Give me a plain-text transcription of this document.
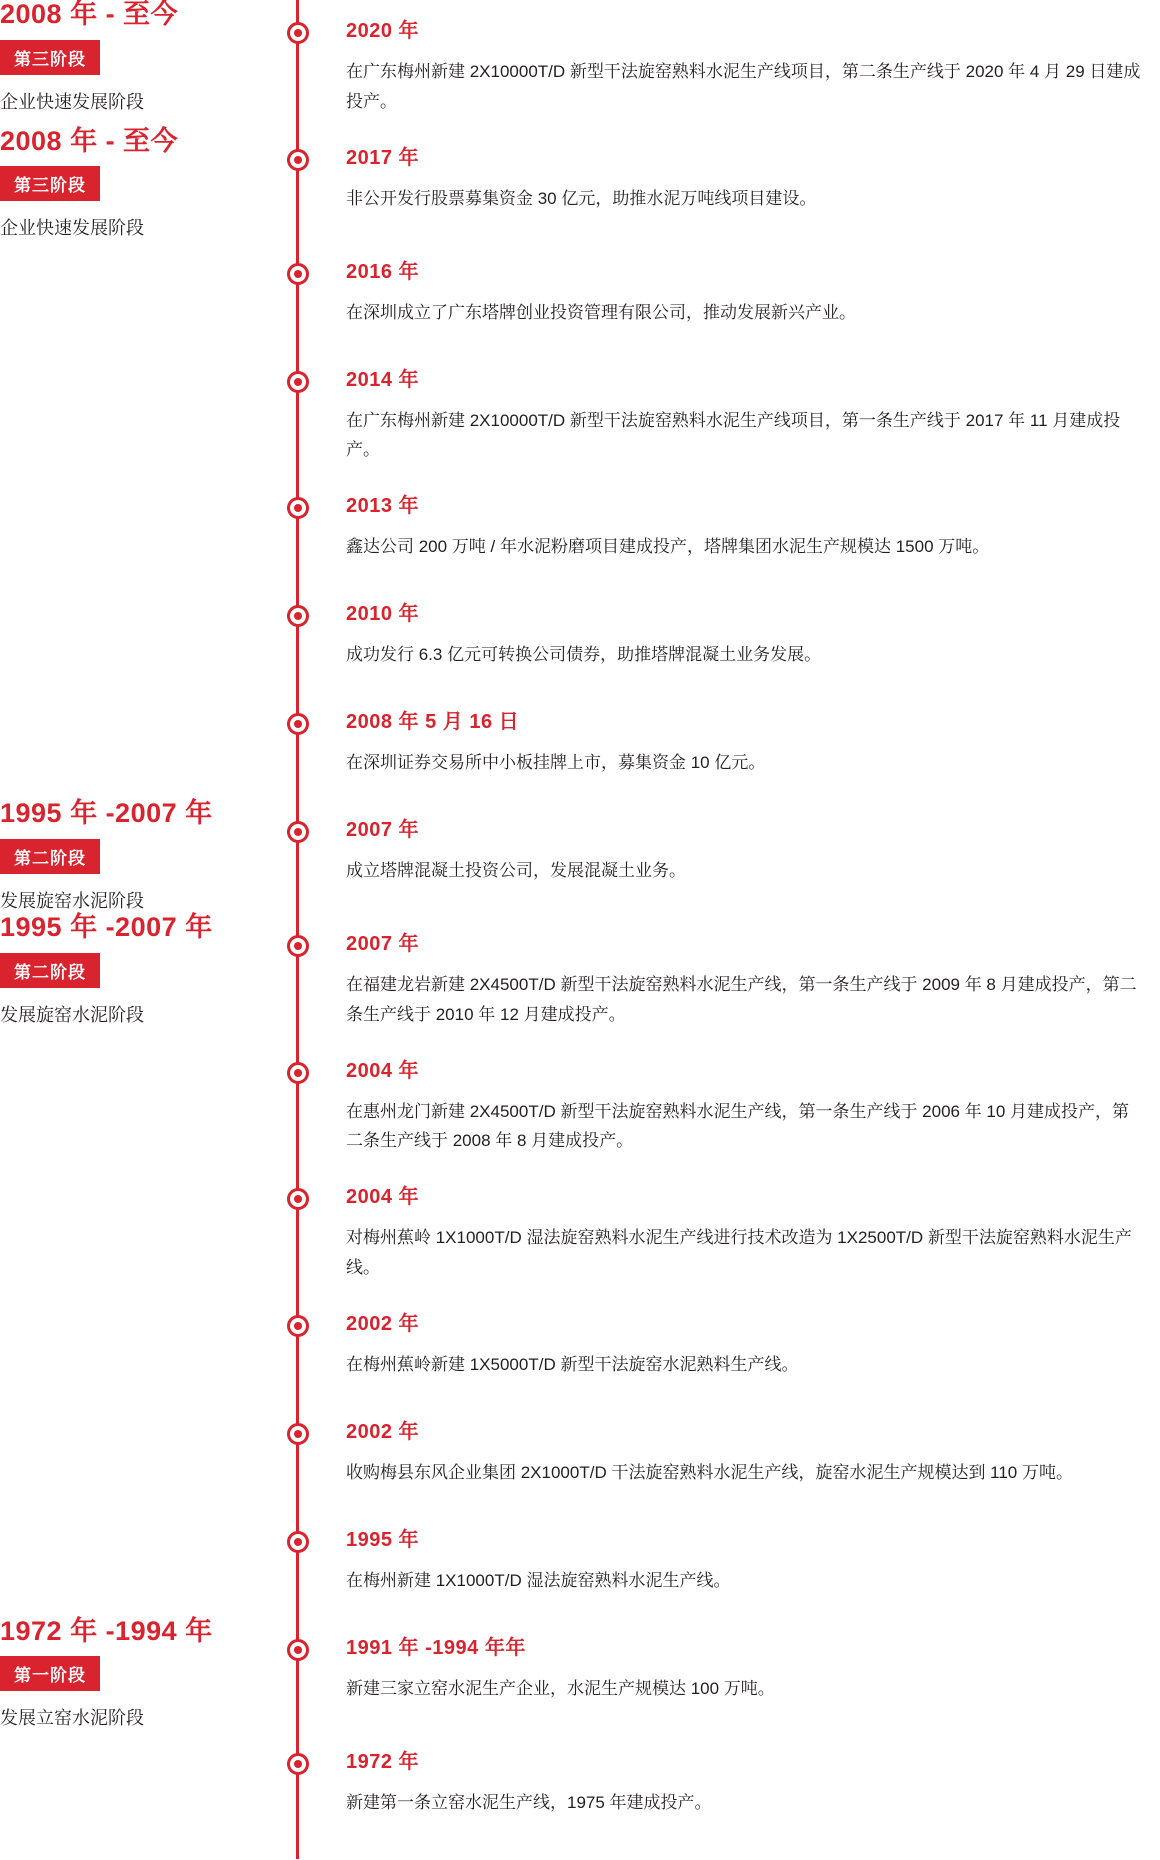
2008 年 - 至今
第三阶段
企业快速发展阶段
2020 年
在广东梅州新建 2X10000T/D 新型干法旋窑熟料水泥生产线项目，第二条生产线于 2020 年 4 月 29 日建成投产。
2008 年 - 至今
第三阶段
企业快速发展阶段
2017 年
非公开发行股票募集资金 30 亿元，助推水泥万吨线项目建设。
2016 年
在深圳成立了广东塔牌创业投资管理有限公司，推动发展新兴产业。
2014 年
在广东梅州新建 2X10000T/D 新型干法旋窑熟料水泥生产线项目，第一条生产线于 2017 年 11 月建成投产。
2013 年
鑫达公司 200 万吨 / 年水泥粉磨项目建成投产，塔牌集团水泥生产规模达 1500 万吨。
2010 年
成功发行 6.3 亿元可转换公司债券，助推塔牌混凝土业务发展。
2008 年 5 月 16 日
在深圳证券交易所中小板挂牌上市，募集资金 10 亿元。
1995 年 -2007 年
第二阶段
发展旋窑水泥阶段
2007 年
成立塔牌混凝土投资公司，发展混凝土业务。
1995 年 -2007 年
第二阶段
发展旋窑水泥阶段
2007 年
在福建龙岩新建 2X4500T/D 新型干法旋窑熟料水泥生产线，第一条生产线于 2009 年 8 月建成投产，第二条生产线于 2010 年 12 月建成投产。
2004 年
在惠州龙门新建 2X4500T/D 新型干法旋窑熟料水泥生产线，第一条生产线于 2006 年 10 月建成投产，第二条生产线于 2008 年 8 月建成投产。
2004 年
对梅州蕉岭 1X1000T/D 湿法旋窑熟料水泥生产线进行技术改造为 1X2500T/D 新型干法旋窑熟料水泥生产线。
2002 年
在梅州蕉岭新建 1X5000T/D 新型干法旋窑水泥熟料生产线。
2002 年
收购梅县东风企业集团 2X1000T/D 干法旋窑熟料水泥生产线，旋窑水泥生产规模达到 110 万吨。
1995 年
在梅州新建 1X1000T/D 湿法旋窑熟料水泥生产线。
1972 年 -1994 年
第一阶段
发展立窑水泥阶段
1991 年 -1994 年年
新建三家立窑水泥生产企业，水泥生产规模达 100 万吨。
1972 年
新建第一条立窑水泥生产线，1975 年建成投产。
